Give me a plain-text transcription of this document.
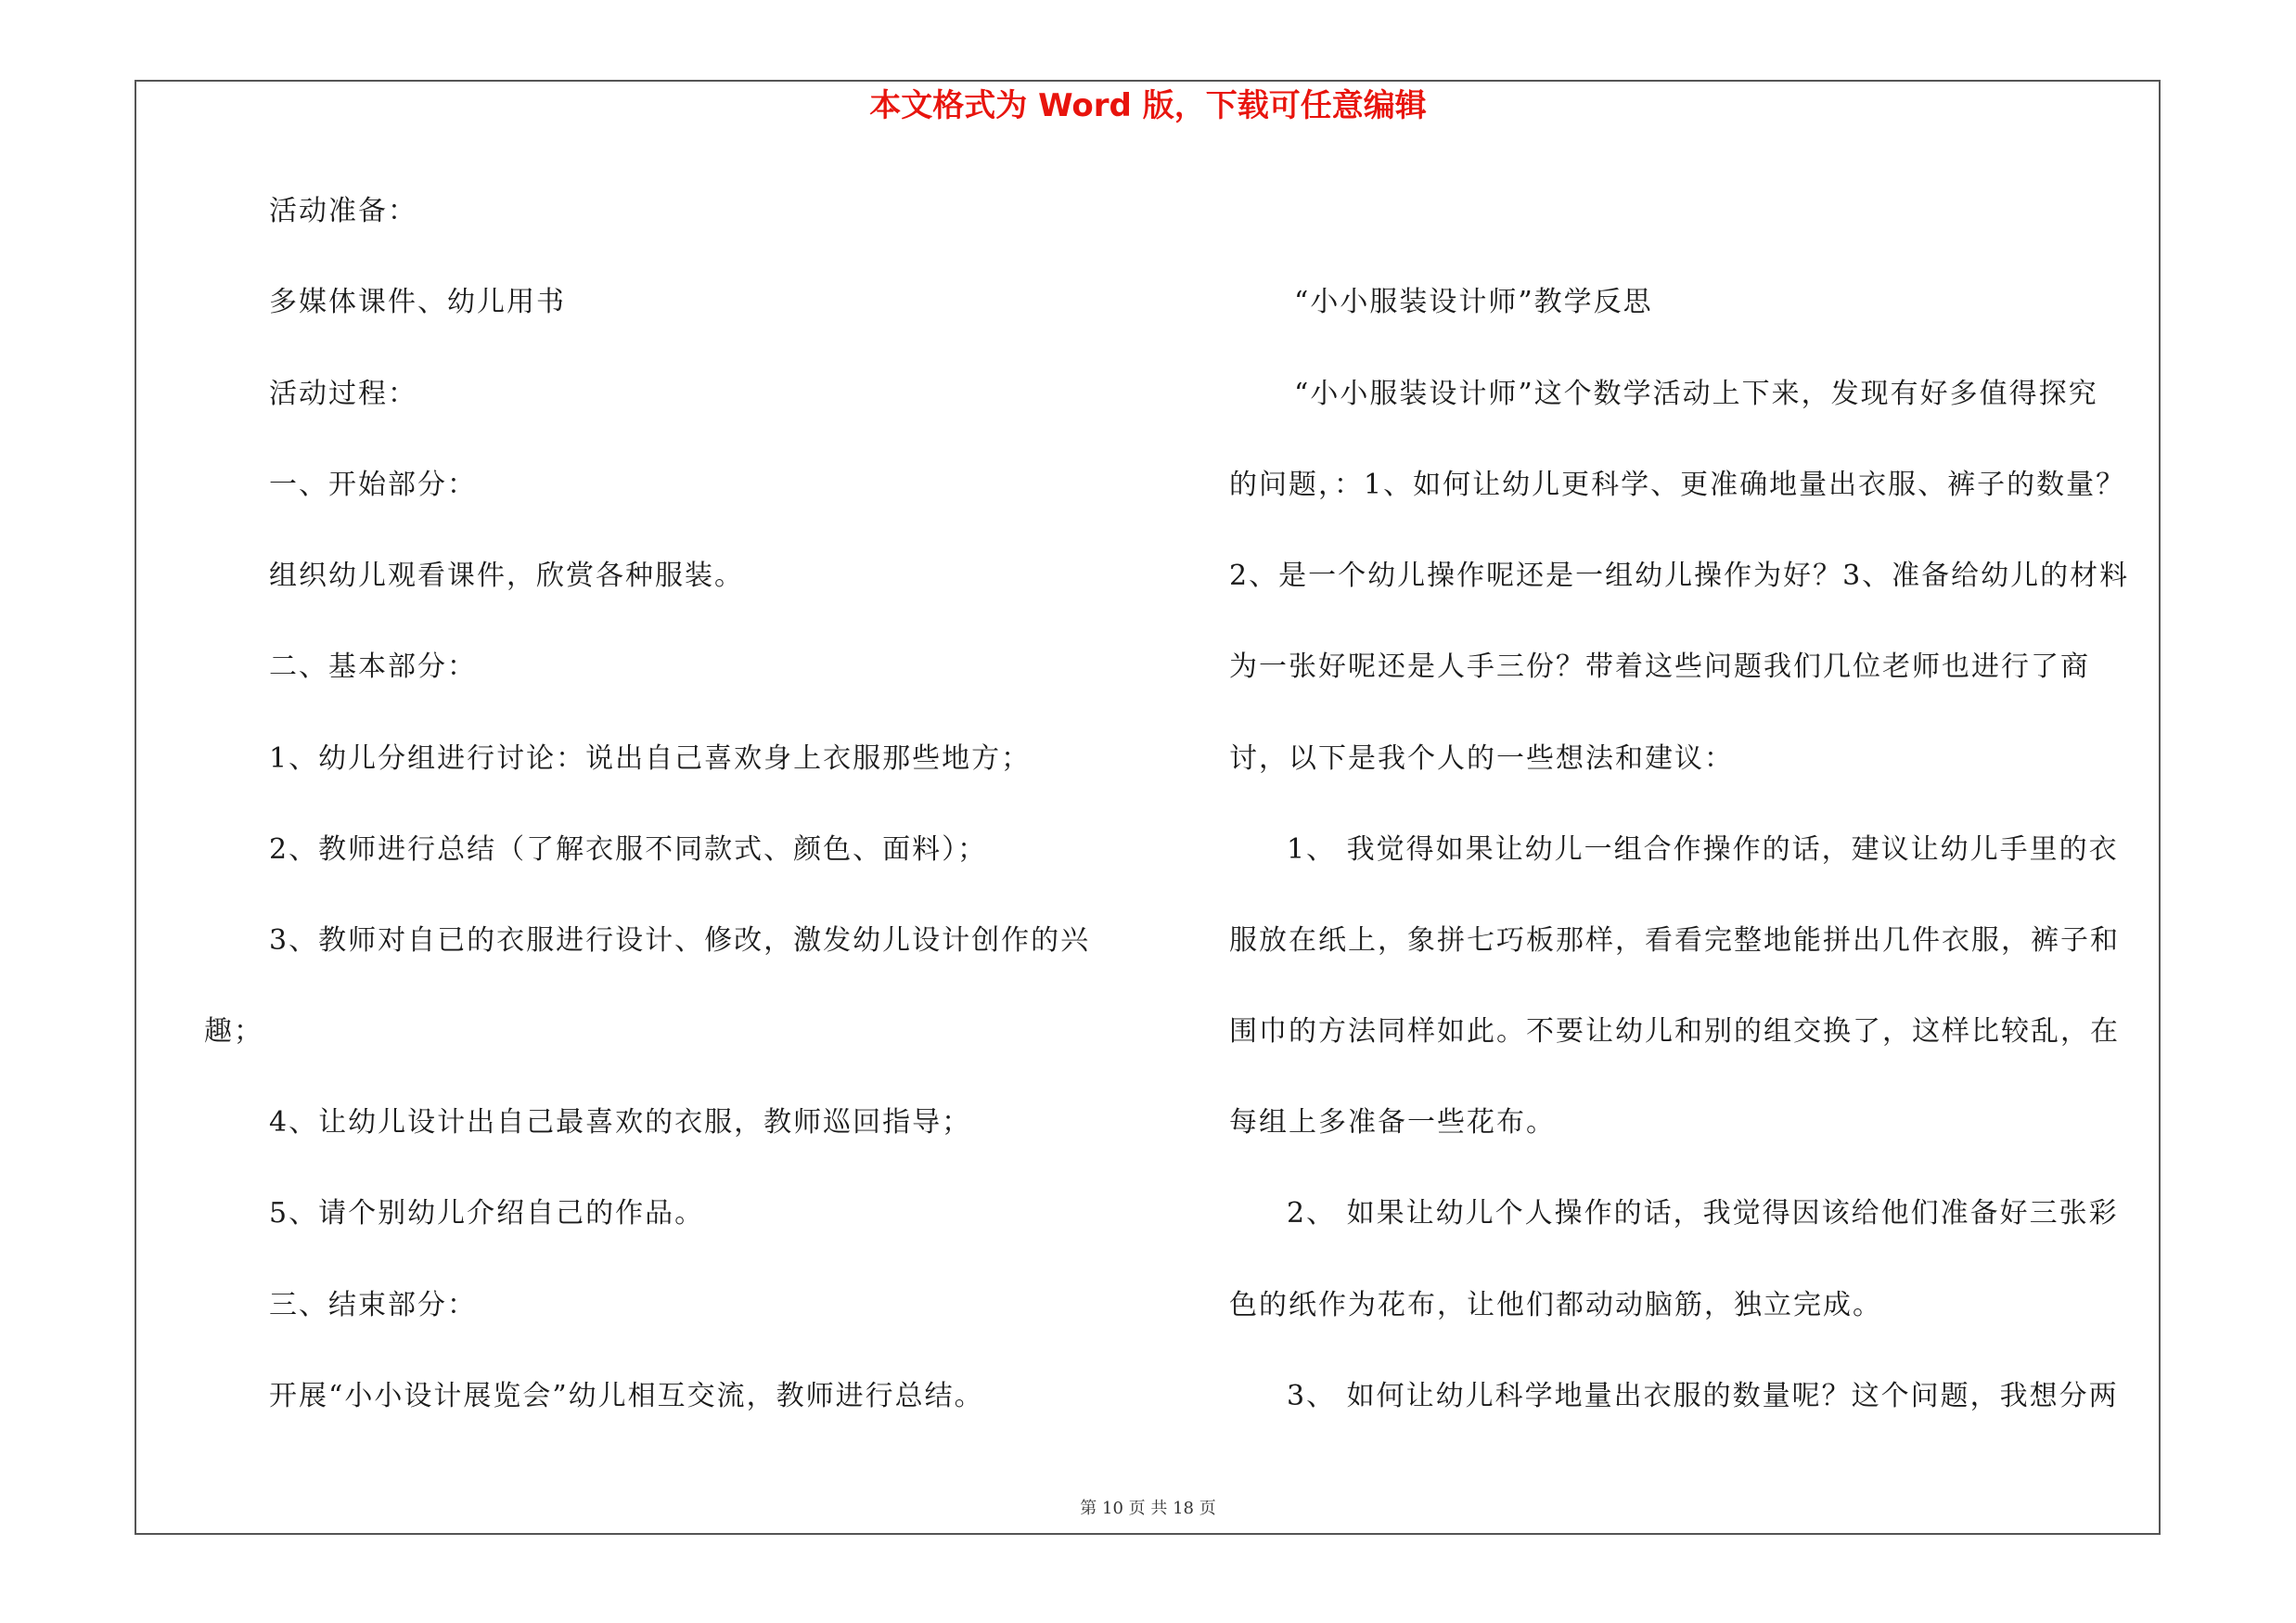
本文格式为 Word 版，下载可任意编辑
活动准备：
多媒体课件、幼儿用书
活动过程：
一、开始部分：
组织幼儿观看课件，欣赏各种服装。
二、基本部分：
1、幼儿分组进行讨论：说出自己喜欢身上衣服那些地方；
2、教师进行总结（了解衣服不同款式、颜色、面料）；
3、教师对自已的衣服进行设计、修改，激发幼儿设计创作的兴
趣；
4、让幼儿设计出自己最喜欢的衣服，教师巡回指导；
5、请个别幼儿介绍自己的作品。
三、结束部分：
开展“小小设计展览会”幼儿相互交流，教师进行总结。
“小小服装设计师”教学反思
“小小服装设计师”这个数学活动上下来，发现有好多值得探究
的问题，：1、如何让幼儿更科学、更准确地量出衣服、裤子的数量？
2、是一个幼儿操作呢还是一组幼儿操作为好？3、准备给幼儿的材料
为一张好呢还是人手三份？带着这些问题我们几位老师也进行了商
讨，以下是我个人的一些想法和建议：
1、 我觉得如果让幼儿一组合作操作的话，建议让幼儿手里的衣
服放在纸上，象拼七巧板那样，看看完整地能拼出几件衣服，裤子和
围巾的方法同样如此。不要让幼儿和别的组交换了，这样比较乱，在
每组上多准备一些花布。
2、 如果让幼儿个人操作的话，我觉得因该给他们准备好三张彩
色的纸作为花布，让他们都动动脑筋，独立完成。
3、 如何让幼儿科学地量出衣服的数量呢？这个问题，我想分两
第 10 页 共 18 页
